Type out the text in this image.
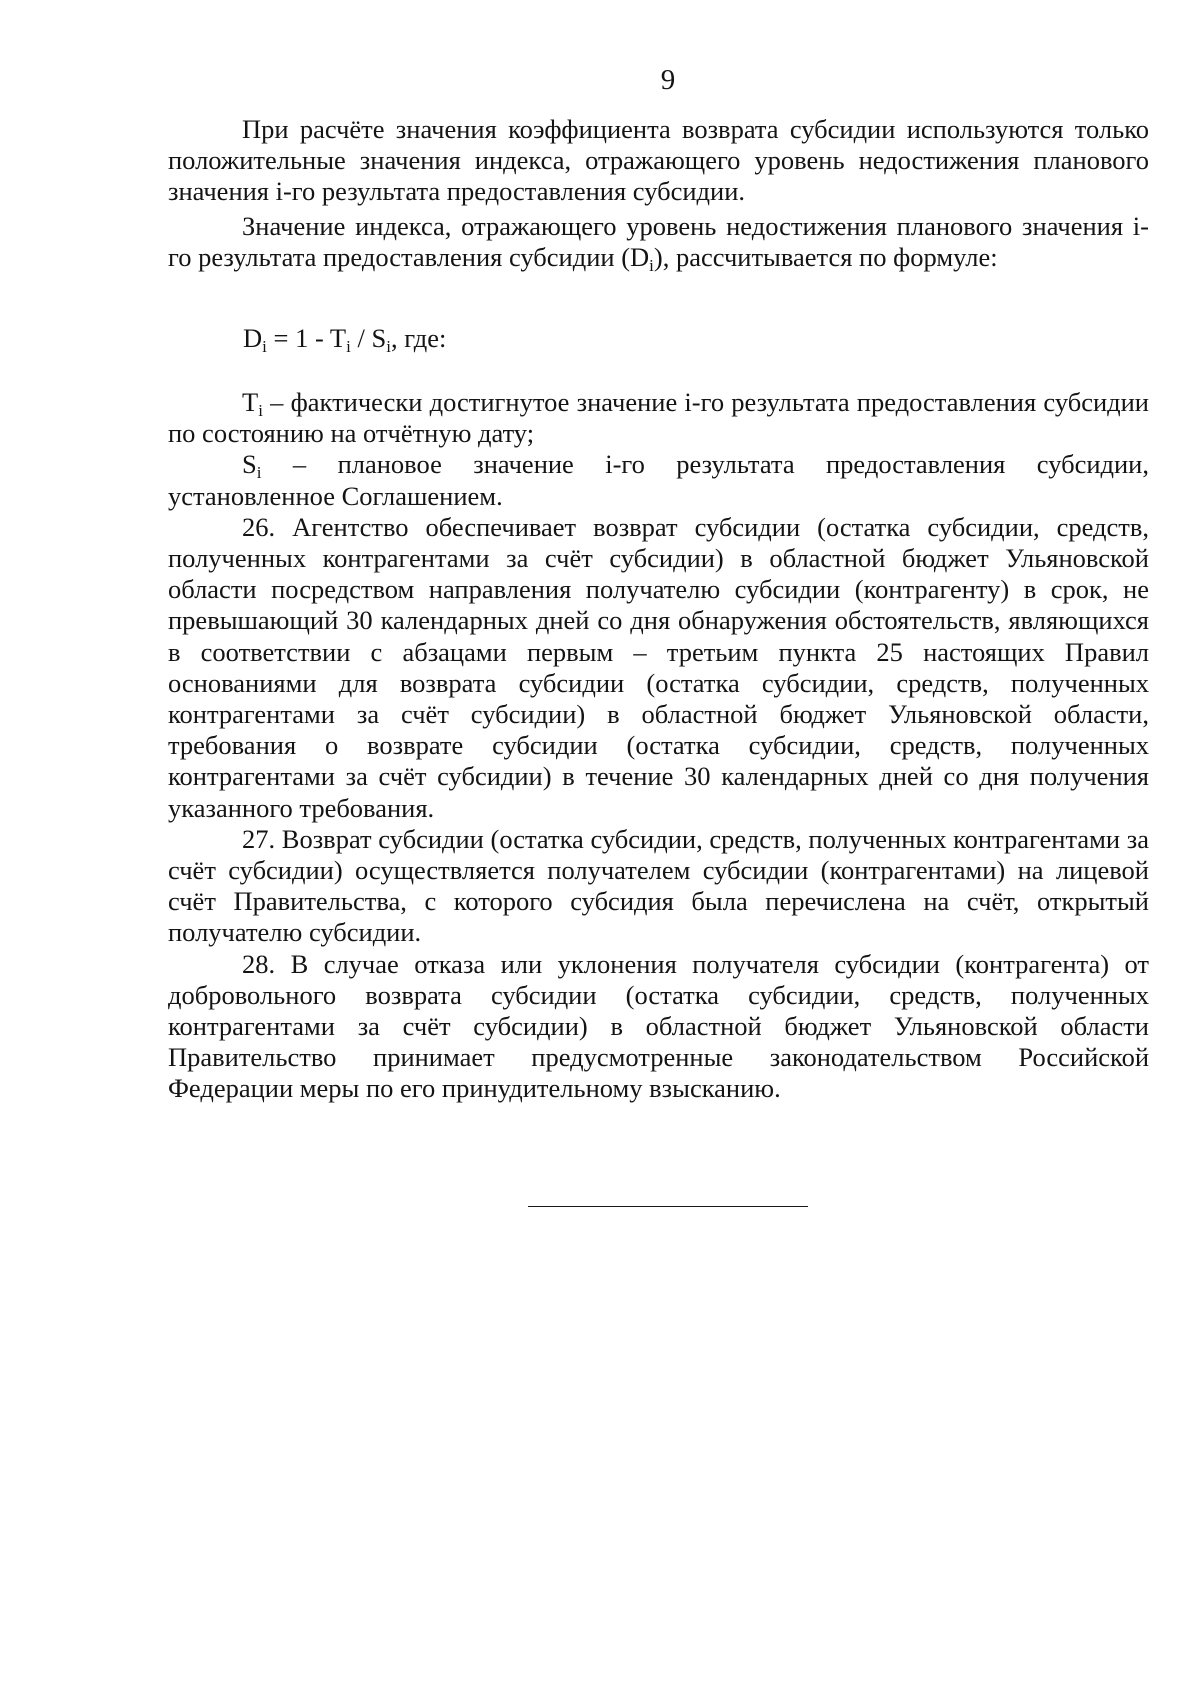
9

При расчёте значения коэффициента возврата субсидии используются только положительные значения индекса, отражающего уровень недостижения планового значения i-го результата предоставления субсидии.

Значение индекса, отражающего уровень недостижения планового значения i-го результата предоставления субсидии $(D_i)$, рассчитывается по формуле:

$D_i = 1 - T_i / S_i$, где:

$T_i$ – фактически достигнутое значение i-го результата предоставления субсидии по состоянию на отчётную дату;

$S_i$ – плановое значение i-го результата предоставления субсидии, установленное Соглашением.

26. Агентство обеспечивает возврат субсидии (остатка субсидии, средств, полученных контрагентами за счёт субсидии) в областной бюджет Ульяновской области посредством направления получателю субсидии (контрагенту) в срок, не превышающий 30 календарных дней со дня обнаружения обстоятельств, являющихся в соответствии с абзацами первым – третьим пункта 25 настоящих Правил основаниями для возврата субсидии (остатка субсидии, средств, полученных контрагентами за счёт субсидии) в областной бюджет Ульяновской области, требования о возврате субсидии (остатка субсидии, средств, полученных контрагентами за счёт субсидии) в течение 30 календарных дней со дня получения указанного требования.

27. Возврат субсидии (остатка субсидии, средств, полученных контрагентами за счёт субсидии) осуществляется получателем субсидии (контрагентами) на лицевой счёт Правительства, с которого субсидия была перечислена на счёт, открытый получателю субсидии.

28. В случае отказа или уклонения получателя субсидии (контрагента) от добровольного возврата субсидии (остатка субсидии, средств, полученных контрагентами за счёт субсидии) в областной бюджет Ульяновской области Правительство принимает предусмотренные законодательством Российской Федерации меры по его принудительному взысканию.
